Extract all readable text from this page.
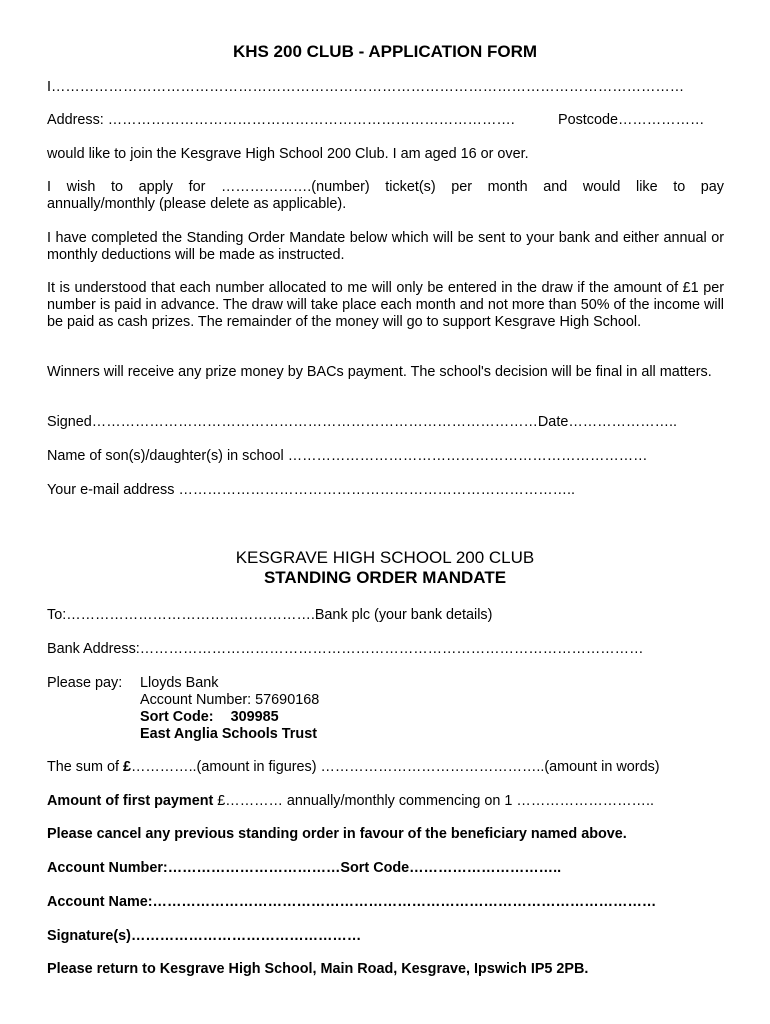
KHS 200 CLUB - APPLICATION FORM
I……………………………………………………………………………………………………………………
Address: ………………………………………………………………………….	Postcode………………
would like to join the Kesgrave High School 200 Club. I am aged 16 or over.
I wish to apply for ……………….(number) ticket(s) per month and would like to pay
annually/monthly (please delete as applicable).
I have completed the Standing Order Mandate below which will be sent to your bank and either annual or monthly deductions will be made as instructed.
It is understood that each number allocated to me will only be entered in the draw if the amount of £1 per number is paid in advance. The draw will take place each month and not more than 50% of the income will be paid as cash prizes. The remainder of the money will go to support Kesgrave High School.
Winners will receive any prize money by BACs payment. The school's decision will be final in all matters.
Signed…………………………………………………………………………………Date…………………..
Name of son(s)/daughter(s) in school …………………………………………………………………
Your e-mail address ………………………………………………………………………..
KESGRAVE HIGH SCHOOL 200 CLUB
STANDING ORDER MANDATE
To:…………………………………………….Bank plc (your bank details)
Bank Address:……………………………………………………………………………………………
Please pay: Lloyds Bank
Account Number: 57690168
Sort Code: 309985
East Anglia Schools Trust
The sum of £…………..(amount in figures) ………………………………………..(amount in words)
Amount of first payment £………… annually/monthly commencing on 1 ………………………..
Please cancel any previous standing order in favour of the beneficiary named above.
Account Number:………………………………Sort Code…………………………..
Account Name:……………………………………………………………………………………………
Signature(s)…………………………………………
Please return to Kesgrave High School, Main Road, Kesgrave, Ipswich IP5 2PB.
